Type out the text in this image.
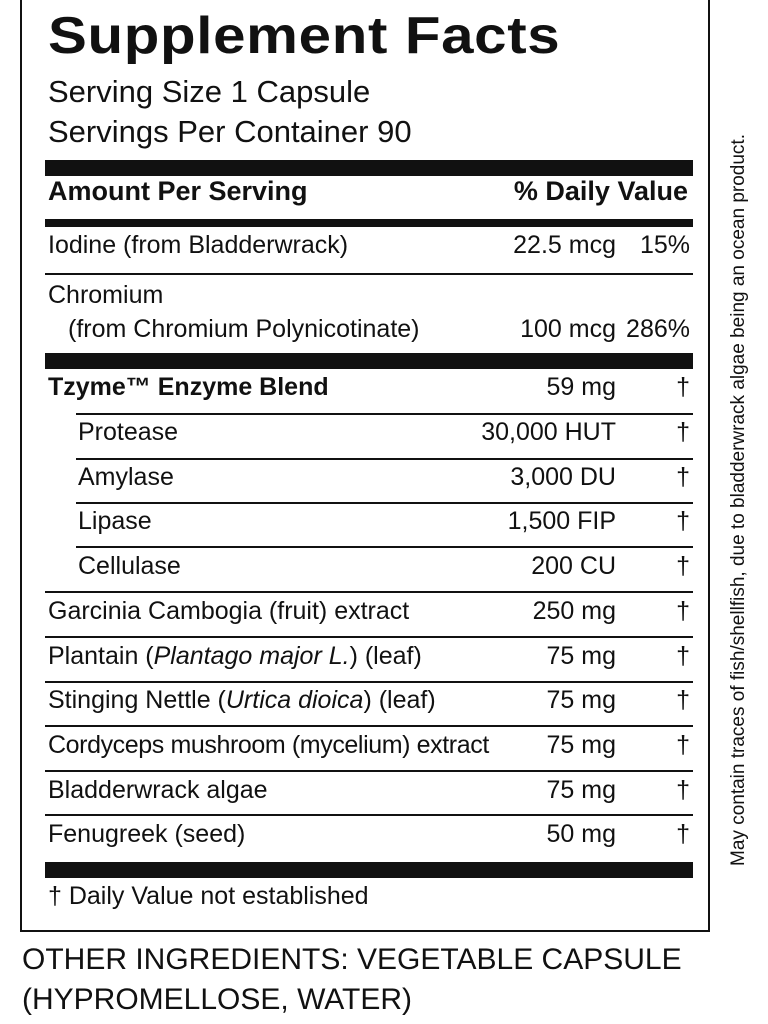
Supplement Facts
Serving Size 1 Capsule
Servings Per Container 90
Amount Per Serving	% Daily Value
Iodine (from Bladderwrack)	22.5 mcg 15%
Chromium
(from Chromium Polynicotinate)	100 mcg 286%
Tzyme™ Enzyme Blend	59 mg †
Protease	30,000 HUT †
Amylase	3,000 DU †
Lipase	1,500 FIP †
Cellulase	200 CU †
Garcinia Cambogia (fruit) extract	250 mg †
Plantain (Plantago major L.) (leaf)	75 mg †
Stinging Nettle (Urtica dioica) (leaf)	75 mg †
Cordyceps mushroom (mycelium) extract 75 mg †
Bladderwrack algae	75 mg †
Fenugreek (seed)	50 mg †
† Daily Value not established
May contain traces of fish/shellfish, due to bladderwrack algae being an ocean product.
OTHER INGREDIENTS: VEGETABLE CAPSULE
(HYPROMELLOSE, WATER)
